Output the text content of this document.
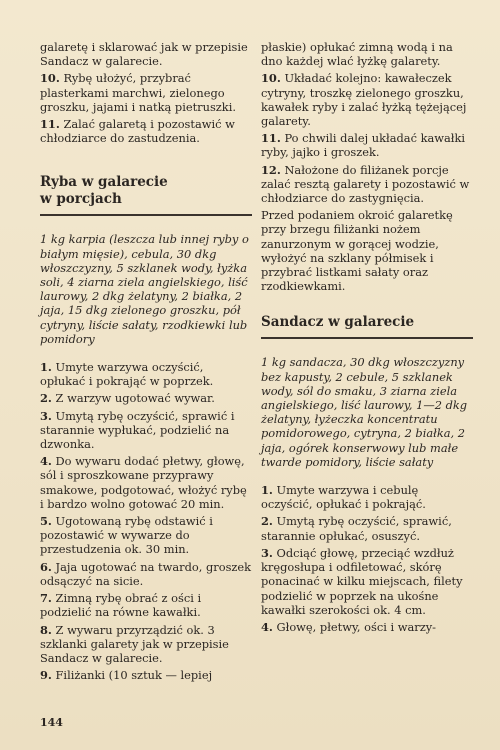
galaretę i sklarować jak w przepisie Sandacz w galarecie.

10. Rybę ułożyć, przybrać plasterkami marchwi, zielonego groszku, jajami i natką pietruszki.

11. Zalać galaretą i pozostawić w chłodziarce do zastudzenia.

Ryba w galarecie
w porcjach

1 kg karpia (leszcza lub innej ryby o białym mięsie), cebula, 30 dkg włoszczyzny, 5 szklanek wody, łyżka soli, 4 ziarna ziela angielskiego, liść laurowy, 2 dkg żelatyny, 2 białka, 2 jaja, 15 dkg zielonego groszku, pół cytryny, liście sałaty, rzodkiewki lub pomidory

1. Umyte warzywa oczyścić, opłukać i pokrająć w poprzek.

2. Z warzyw ugotować wywar.

3. Umytą rybę oczyścić, sprawić i starannie wypłukać, podzielić na dzwonka.

4. Do wywaru dodać płetwy, głowę, sól i sproszkowane przyprawy smakowe, podgotować, włożyć rybę i bardzo wolno gotować 20 min.

5. Ugotowaną rybę odstawić i pozostawić w wywarze do przestudzenia ok. 30 min.

6. Jaja ugotować na twardo, groszek odsączyć na sicie.

7. Zimną rybę obrać z ości i podzielić na równe kawałki.

8. Z wywaru przyrządzić ok. 3 szklanki galarety jak w przepisie Sandacz w galarecie.

9. Filiżanki (10 sztuk — lepiej

płaskie) opłukać zimną wodą i na dno każdej wlać łyżkę galarety.

10. Układać kolejno: kawałeczek cytryny, troszkę zielonego groszku, kawałek ryby i zalać łyżką tężejącej galarety.

11. Po chwili dalej układać kawałki ryby, jajko i groszek.

12. Nałożone do filiżanek porcje zalać resztą galarety i pozostawić w chłodziarce do zastygnięcia.

Przed podaniem okroić galaretkę przy brzegu filiżanki nożem zanurzonym w gorącej wodzie, wyłożyć na szklany półmisek i przybrać listkami sałaty oraz rzodkiewkami.

Sandacz w galarecie

1 kg sandacza, 30 dkg włoszczyzny bez kapusty, 2 cebule, 5 szklanek wody, sól do smaku, 3 ziarna ziela angielskiego, liść laurowy, 1—2 dkg żelatyny, łyżeczka koncentratu pomidorowego, cytryna, 2 białka, 2 jaja, ogórek konserwowy lub małe twarde pomidory, liście sałaty

1. Umyte warzywa i cebulę oczyścić, opłukać i pokrająć.

2. Umytą rybę oczyścić, sprawić, starannie opłukać, osuszyć.

3. Odciąć głowę, przeciąć wzdłuż kręgosłupa i odfiletować, skórę ponacinać w kilku miejscach, filety podzielić w poprzek na ukośne kawałki szerokości ok. 4 cm.

4. Głowę, płetwy, ości i warzy-

144
